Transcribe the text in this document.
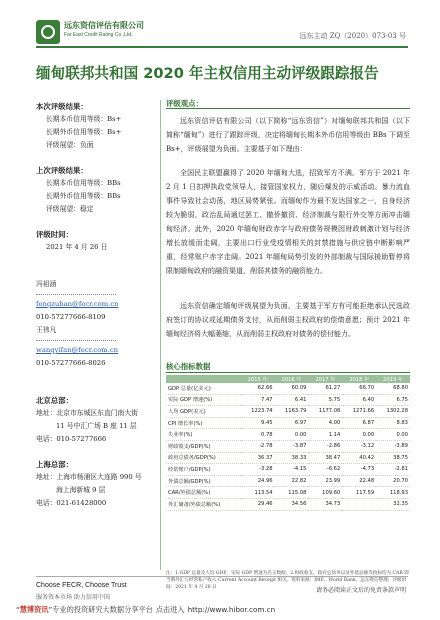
远东资信评估有限公司
Far East Credit Rating Co.,Ltd.	远东主动 ZQ（2020）073-03 号
缅甸联邦共和国 2020 年主权信用主动评级跟踪报告
本次评级结果：
长期本币信用等级：Bs+
长期外币信用等级：Bs+
评级展望：负面
上次评级结果：
长期本币信用等级：BBs
长期外币信用等级：BBs
评级展望：稳定
评级时间：
2021 年 4 月 26 日
冯祖涵
fengzuhan@fecr.com.cn
010-57277666-8109
王祎凡
wangyifan@fecr.com.cn
010-57277666-8026
北京总部：
地址：北京市东城区东直门南大街
11 号中汇广场 B 座 11 层
电话：010-57277666
上海总部：
地址：上海市杨浦区大连路 990 号
海上海新城 9 层
电话：021-61428000
评级观点：
远东资信评估有限公司（以下简称“远东资信”）对缅甸联邦共和国（以下简称“缅甸”）进行了跟踪评级，决定将缅甸长期本外币信用等级由 BBs 下调至 Bs+，评级展望为负面。主要基于如下理由：
全国民主联盟赢得了 2020 年缅甸大选，招致军方不满。军方于 2021 年 2 月 1 日扣押执政党领导人，接管国家权力，随后爆发的示威活动、暴力流血事件导致社会动荡，地区局势紧张。而缅甸作为最不发达国家之一，自身经济较为脆弱，政治乱局通过罢工、撤侨撤资、经济制裁与限行外交等方面冲击缅甸经济。此外，2020 年缅甸财政赤字与政府债务规模因财政刺激计划与经济增长放缓而走阔，主要出口行业受疫情相关的封禁措施与供应链中断影响严重，经常账户赤字走阔。2021 年缅甸局势引发的外部制裁与国际援助暂停将限制缅甸政府的融资渠道，削弱其债务的融资能力。
远东资信确定缅甸评级展望为负面，主要基于军方有可能拒绝承认民选政府签订的协议或延期债务支付，从而削弱主权政府的偿债意愿；预计 2021 年缅甸经济将大幅萎缩，从而削弱主权政府对债务的偿付能力。
核心指标数据
	2015 年	2016 年	2017 年	2018 年	2019 年
GDP 总量(亿美元)	62.66	60.09	61.27	66.70	68.80
实际 GDP 增速(%)	7.47	6.41	5.75	6.40	6.75
人均 GDP(美元)	1223.74	1163.79	1177.08	1271.66	1302.28
CPI 增长率(%)	9.45	6.97	4.00	6.87	8.83
失业率(%)	0.78	0.00	1.14	0.00	0.00
财政收支/GDP(%)	-2.78	-3.87	-2.86	-3.12	-3.89
政府总债务/GDP(%)	36.37	38.33	38.47	40.42	38.75
经常账户/GDP(%)	-3.28	-4.15	-6.62	-4.73	-2.81
外债总额/GDP(%)	24.96	22.82	23.99	22.48	20.70
CAR/外债总额(%)	113.54	115.08	109.60	117.59	118.93
外汇储备/外债总额(%)	29.46	34.56	34.73		32.35
注：1.GDP 总量及人均 GDP、实际 GDP 增速为名义数据；2.财政收支、政府总债务以及外债总额等指标均为 CAR 即当期外汇与经常账户收入 Current Account Receipt 相关。资料来源：IMF、World Bank，远东资信整理；评级时间：2021 年 4 月 26 日
Choose FECR, Choose Trust
服务资本市场 助力信用中国
请务必阅读正文后的免责条款声明
“慧博资讯”专业的投资研究大数据分享平台 点击进入 http://www.hibor.com.cn
